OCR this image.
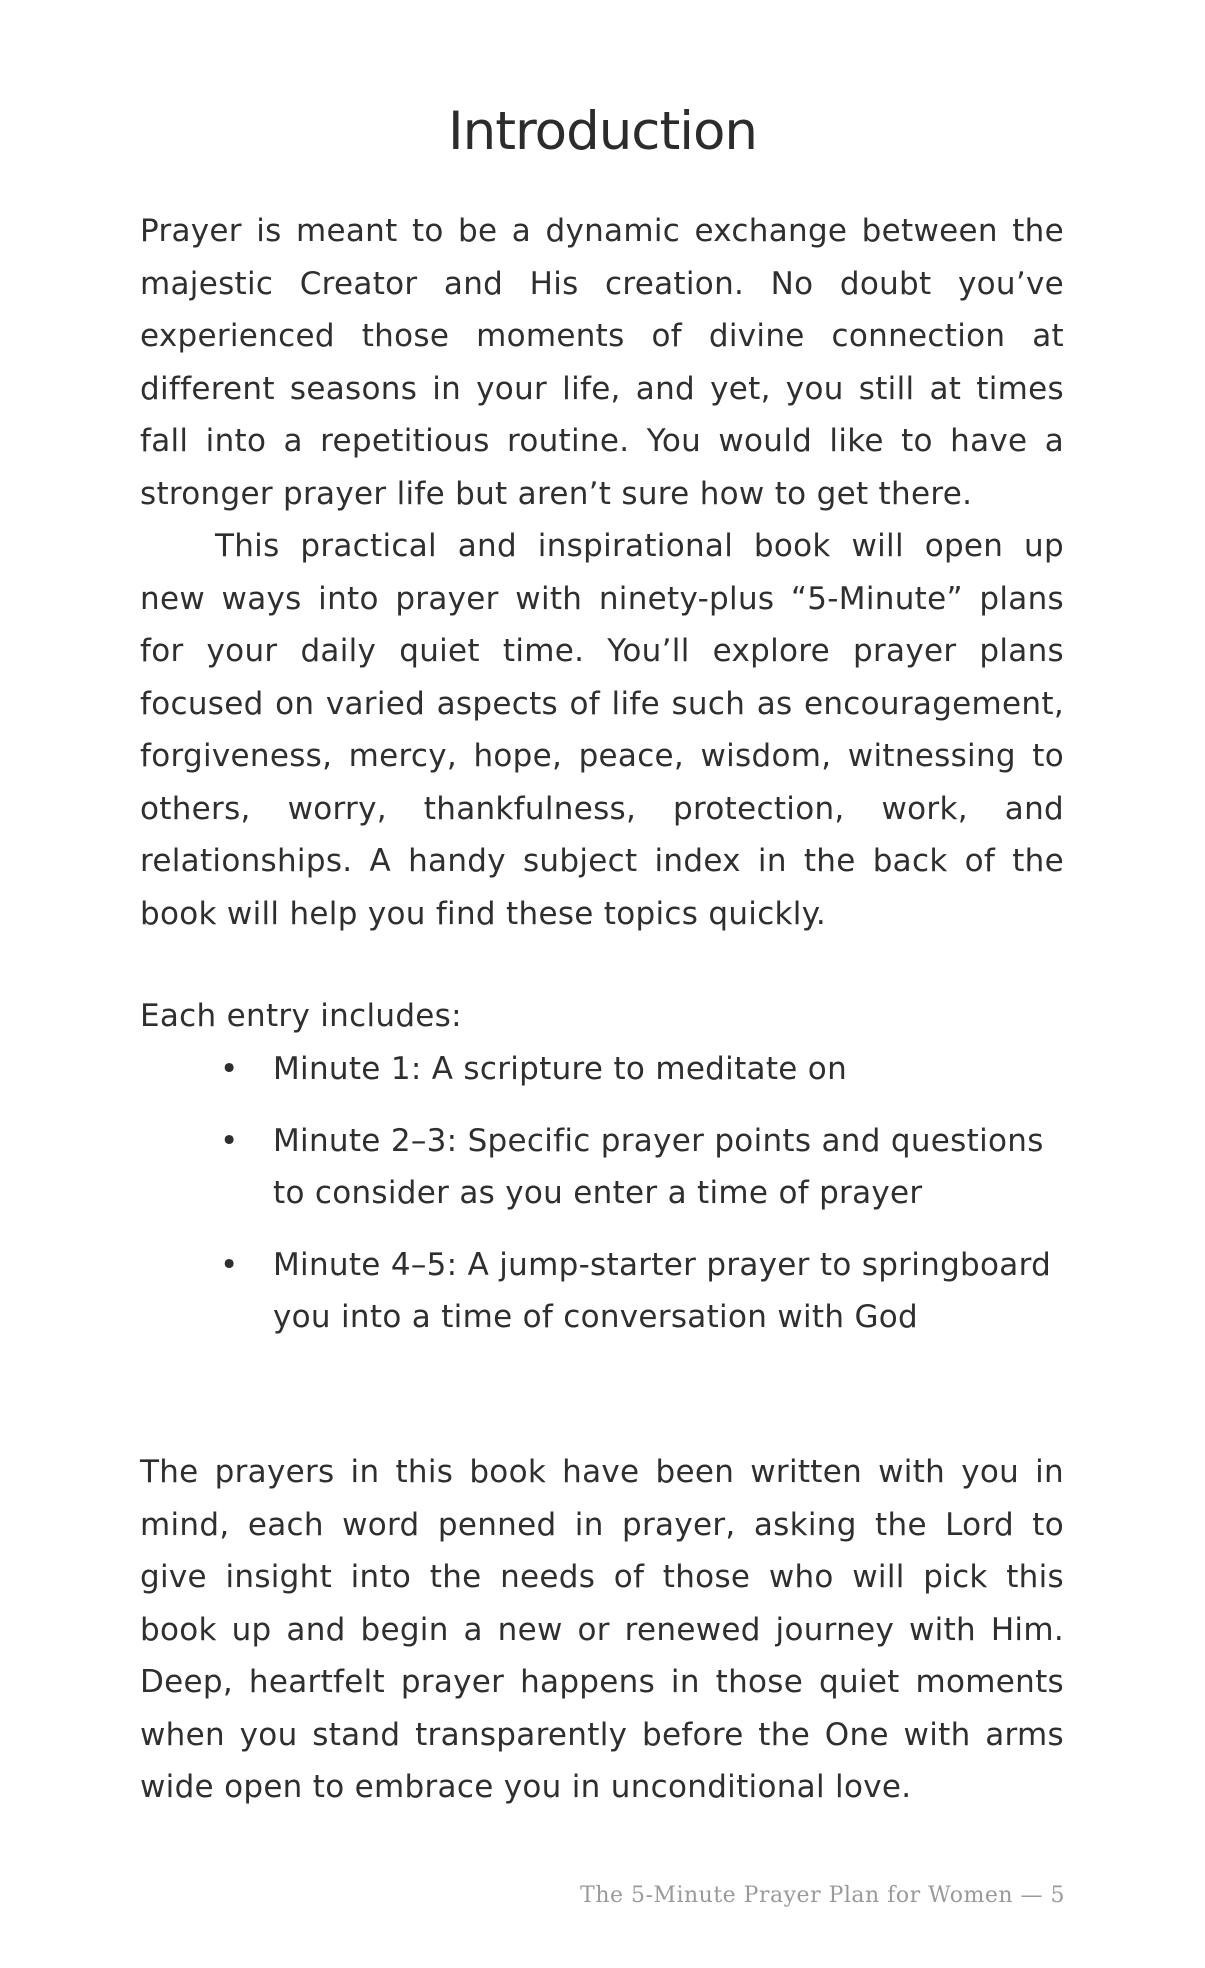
Introduction

Prayer is meant to be a dynamic exchange between the majestic Creator and His creation. No doubt you’ve experienced those moments of divine connection at different seasons in your life, and yet, you still at times fall into a repetitious routine. You would like to have a stronger prayer life but aren’t sure how to get there.

This practical and inspirational book will open up new ways into prayer with ninety-plus “5-Minute” plans for your daily quiet time. You’ll explore prayer plans focused on varied aspects of life such as encouragement, forgiveness, mercy, hope, peace, wisdom, witnessing to others, worry, thankfulness, protection, work, and relationships. A handy subject index in the back of the book will help you find these topics quickly.

Each entry includes:

• Minute 1: A scripture to meditate on
• Minute 2–3: Specific prayer points and questions to consider as you enter a time of prayer
• Minute 4–5: A jump-starter prayer to springboard you into a time of conversation with God

The prayers in this book have been written with you in mind, each word penned in prayer, asking the Lord to give insight into the needs of those who will pick this book up and begin a new or renewed journey with Him. Deep, heartfelt prayer happens in those quiet moments when you stand transparently before the One with arms wide open to embrace you in unconditional love.

The 5-Minute Prayer Plan for Women — 5
